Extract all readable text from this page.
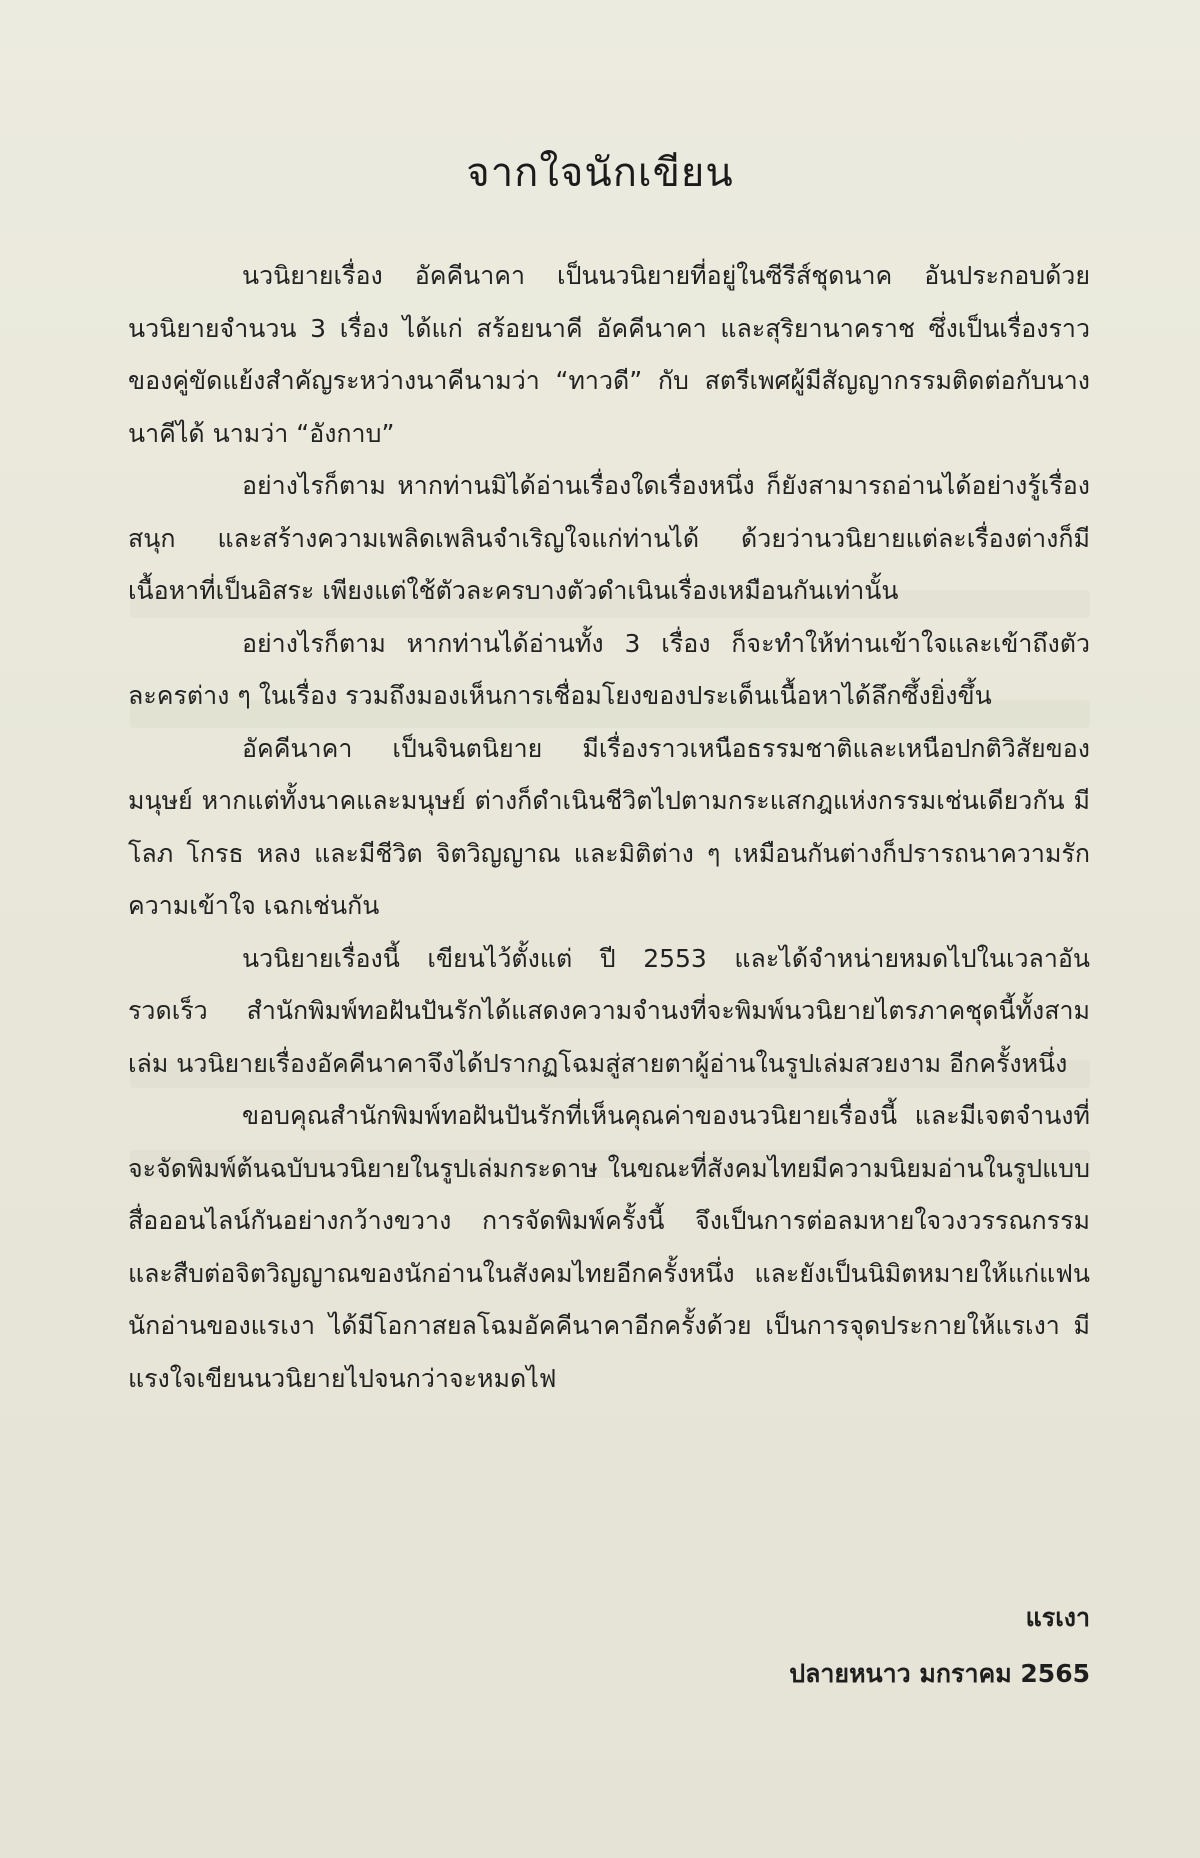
จากใจนักเขียน

นวนิยายเรื่อง อัคคีนาคา เป็นนวนิยายที่อยู่ในซีรีส์ชุดนาค อันประกอบด้วย นวนิยายจำนวน 3 เรื่อง ได้แก่ สร้อยนาคี อัคคีนาคา และสุริยานาคราช ซึ่งเป็นเรื่องราวของคู่ขัดแย้งสำคัญระหว่างนาคีนามว่า “ทาวดี” กับ สตรีเพศผู้มีสัญญากรรมติดต่อกับนางนาคีได้ นามว่า “อังกาบ”

อย่างไรก็ตาม หากท่านมิได้อ่านเรื่องใดเรื่องหนึ่ง ก็ยังสามารถอ่านได้อย่างรู้เรื่อง สนุก และสร้างความเพลิดเพลินจำเริญใจแก่ท่านได้ ด้วยว่านวนิยายแต่ละเรื่องต่างก็มีเนื้อหาที่เป็นอิสระ เพียงแต่ใช้ตัวละครบางตัวดำเนินเรื่องเหมือนกันเท่านั้น

อย่างไรก็ตาม หากท่านได้อ่านทั้ง 3 เรื่อง ก็จะทำให้ท่านเข้าใจและเข้าถึงตัวละครต่าง ๆ ในเรื่อง รวมถึงมองเห็นการเชื่อมโยงของประเด็นเนื้อหาได้ลึกซึ้งยิ่งขึ้น

อัคคีนาคา เป็นจินตนิยาย มีเรื่องราวเหนือธรรมชาติและเหนือปกติวิสัยของมนุษย์ หากแต่ทั้งนาคและมนุษย์ ต่างก็ดำเนินชีวิตไปตามกระแสกฎแห่งกรรมเช่นเดียวกัน มีโลภ โกรธ หลง และมีชีวิต จิตวิญญาณ และมิติต่าง ๆ เหมือนกันต่างก็ปรารถนาความรัก ความเข้าใจ เฉกเช่นกัน

นวนิยายเรื่องนี้ เขียนไว้ตั้งแต่ ปี 2553 และได้จำหน่ายหมดไปในเวลาอันรวดเร็ว สำนักพิมพ์ทอฝันปันรักได้แสดงความจำนงที่จะพิมพ์นวนิยายไตรภาคชุดนี้ทั้งสามเล่ม นวนิยายเรื่องอัคคีนาคาจึงได้ปรากฏโฉมสู่สายตาผู้อ่านในรูปเล่มสวยงาม อีกครั้งหนึ่ง

ขอบคุณสำนักพิมพ์ทอฝันปันรักที่เห็นคุณค่าของนวนิยายเรื่องนี้ และมีเจตจำนงที่จะจัดพิมพ์ต้นฉบับนวนิยายในรูปเล่มกระดาษ ในขณะที่สังคมไทยมีความนิยมอ่านในรูปแบบสื่อออนไลน์กันอย่างกว้างขวาง การจัดพิมพ์ครั้งนี้ จึงเป็นการต่อลมหายใจวงวรรณกรรม และสืบต่อจิตวิญญาณของนักอ่านในสังคมไทยอีกครั้งหนึ่ง และยังเป็นนิมิตหมายให้แก่แฟนนักอ่านของแรเงา ได้มีโอกาสยลโฉมอัคคีนาคาอีกครั้งด้วย เป็นการจุดประกายให้แรเงา มีแรงใจเขียนนวนิยายไปจนกว่าจะหมดไฟ

แรเงา
ปลายหนาว มกราคม 2565
